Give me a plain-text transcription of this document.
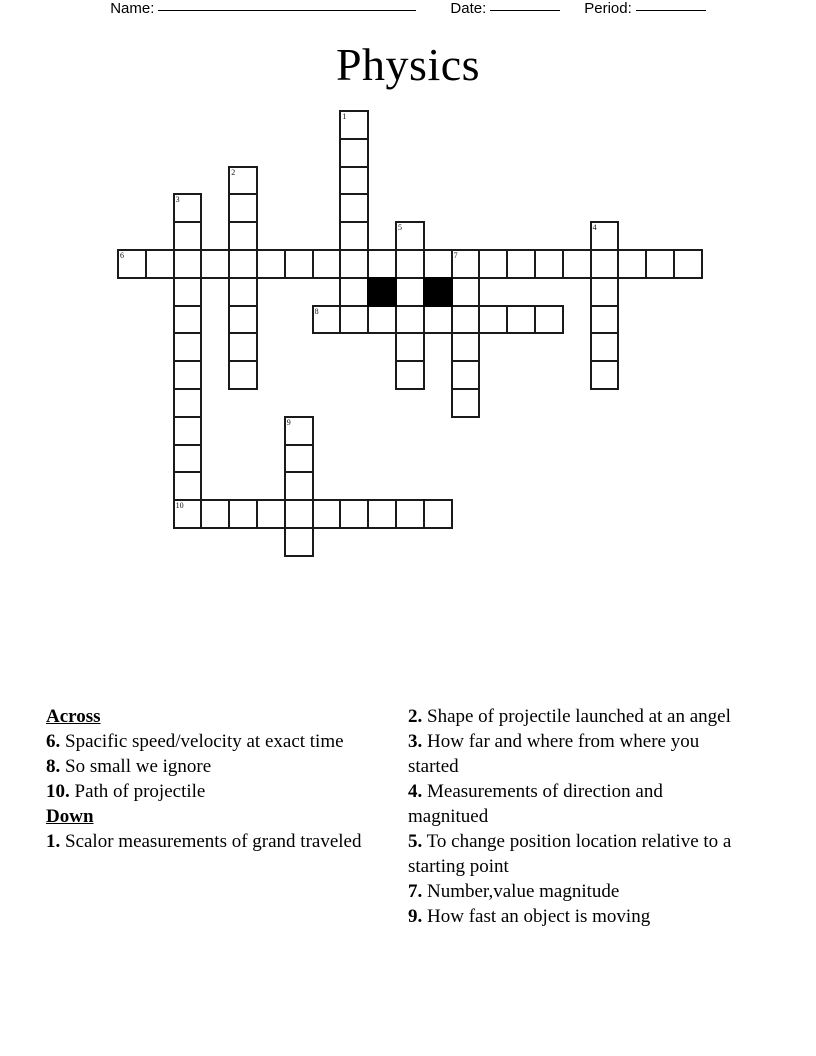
Name:	Date:	Period:
Physics
1
2
3
10
4
5
6	7
8
9
Across
6. Spacific speed/velocity at exact time
8. So small we ignore
10. Path of projectile
Down
1. Scalor measurements of grand traveled
2. Shape of projectile launched at an angel
3. How far and where from where you started
4. Measurements of direction and magnitued
5. To change position location relative to a starting point
7. Number,value magnitude
9. How fast an object is moving
